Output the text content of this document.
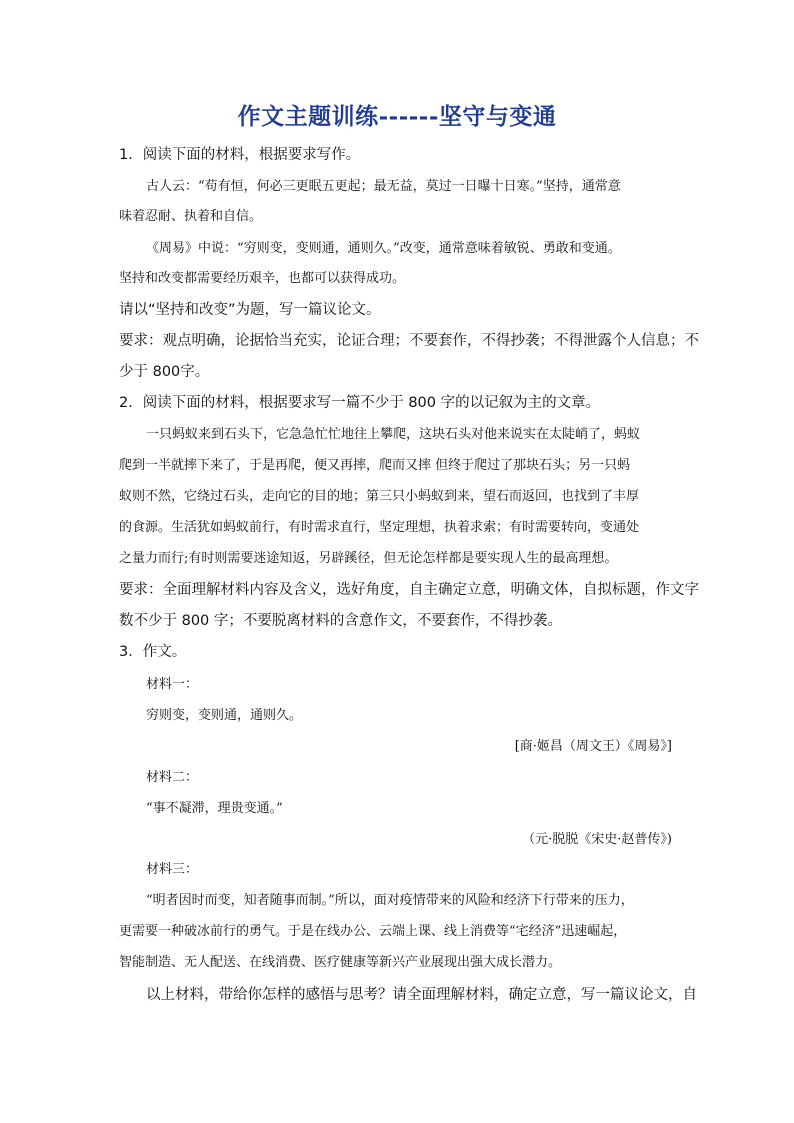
作文主题训练------坚守与变通
1．阅读下面的材料，根据要求写作。
古人云：“苟有恒，何必三更眠五更起；最无益，莫过一日曝十日寒。”坚持，通常意
味着忍耐、执着和自信。
《周易》中说：“穷则变，变则通，通则久。”改变，通常意味着敏锐、勇敢和变通。
坚持和改变都需要经历艰辛，也都可以获得成功。
请以“坚持和改变”为题，写一篇议论文。
要求：观点明确，论据恰当充实，论证合理；不要套作，不得抄袭；不得泄露个人信息；不
少于 800字。
2．阅读下面的材料，根据要求写一篇不少于 800 字的以记叙为主的文章。
一只蚂蚁来到石头下，它急急忙忙地往上攀爬，这块石头对他来说实在太陡峭了，蚂蚁
爬到一半就摔下来了，于是再爬，便又再摔，爬而又摔 但终于爬过了那块石头；另一只蚂
蚁则不然，它绕过石头，走向它的目的地；第三只小蚂蚁到来，望石而返回，也找到了丰厚
的食源。生活犹如蚂蚁前行，有时需求直行，坚定理想，执着求索；有时需要转向，变通处
之量力而行;有时则需要迷途知返，另辟蹊径，但无论怎样都是要实现人生的最高理想。
要求：全面理解材料内容及含义，选好角度，自主确定立意，明确文体，自拟标题，作文字
数不少于 800 字；不要脱离材料的含意作文，不要套作，不得抄袭。
3．作文。
材料一：
穷则变，变则通，通则久。
材料二：
“事不凝滞，理贵变通。”
材料三：
“明者因时而变，知者随事而制。”所以，面对疫情带来的风险和经济下行带来的压力，
更需要一种破冰前行的勇气。于是在线办公、云端上课、线上消费等“宅经济”迅速崛起，
智能制造、无人配送、在线消费、医疗健康等新兴产业展现出强大成长潜力。
以上材料，带给你怎样的感悟与思考？请全面理解材料，确定立意，写一篇议论文，自
[商·姬昌（周文王）《周易》]
（元·脱脱《宋史·赵普传》)
